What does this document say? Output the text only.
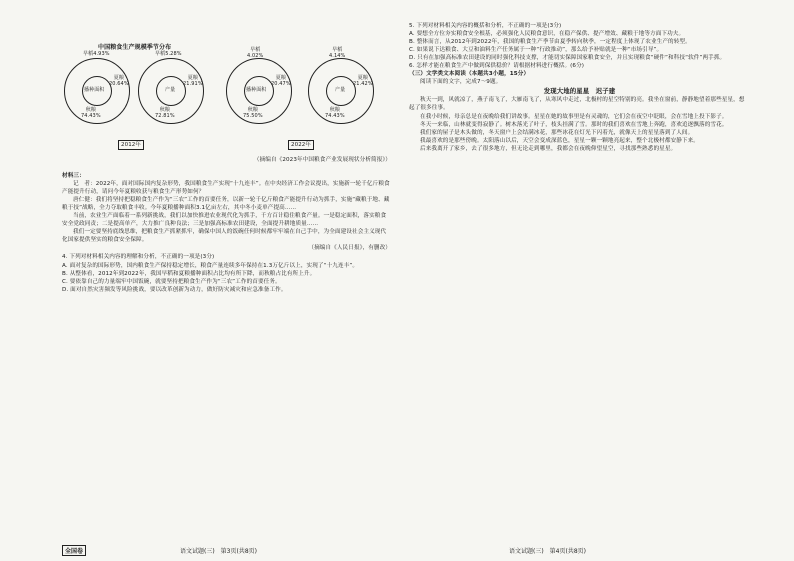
中国粮食生产规模季节分布
早稻4.93%
夏粮
20.64%
播种面积
秋粮
74.43%
早稻5.28%
夏粮
21.91%
产量
秋粮
72.81%
早稻
4.02%
夏粮
20.47%
播种面积
秋粮
75.50%
早稻
4.14%
夏粮
21.42%
产量
秋粮
74.43%
2012年	2022年
（摘编自《2023年中国粮食产业发展现状分析简报》）

材料三：

记　者：2022年，面对国际国内复杂形势，我国粮食生产实现“十九连丰”。在中央经济工作会议提出，实施新一轮千亿斤粮食产能提升行动，请问今年夏粮收获与粮食生产形势如何？

唐仁健：我们将坚持把稳粮食生产作为“三农”工作的首要任务，以新一轮千亿斤粮食产能提升行动为抓手，实施“藏粮于地、藏粮于技”战略，全力夺取粮食丰收。今年夏粮播种面积3.1亿亩左右，其中冬小麦单产提高……

当前，农业生产面临着一系列新挑战，我们以加快推进农业现代化为抓手，千方百计稳住粮食产量。一是稳定面积，落实粮食安全党政同责；二是提高单产，大力推广良种良法；三是加强高标准农田建设，全面提升耕地质量……

我们一定要坚持底线思维，把粮食生产抓紧抓牢，确保中国人的饭碗任何时候都牢牢端在自己手中，为全面建设社会主义现代化国家提供坚实的粮食安全保障。

（摘编自《人民日报》，有删改）

4. 下列对材料相关内容的理解和分析，不正确的一项是(3分)

A. 面对复杂的国际形势，国内粮食生产保持稳定增长，粮食产量连续多年保持在1.3万亿斤以上，实现了“十九连丰”。

B. 从整体看，2012年到2022年，我国早稻和夏粮播种面积占比均有所下降，而秋粮占比有所上升。

C. 要依靠自己的力量端牢中国饭碗，就要坚持把粮食生产作为“三农”工作的首要任务。

D. 面对自然灾害频发等风险挑战，要以改革创新为动力，做好防灾减灾和应急准备工作。

全国卷	语文试题(三)　第3页(共8页)

5. 下列对材料相关内容的概括和分析，不正确的一项是(3分)

A. 要想全方位夯实粮食安全根基，必须强化人民粮食意识，在稳产保供、提产增效、藏粮于地等方面下功夫。

B. 整体而言，从2012年到2022年，我国的粮食生产季节由夏季转向秋季，一定程度上体现了农业生产的转型。

C. 如果说下达粮食、大豆和油料生产任务属于一种“行政推动”，那么给予补贴就是一种“市场引导”。

D. 只有在加强高标准农田建设的同时强化科技支撑，才能切实保障国家粮食安全，并且实现粮食“硬件”和科技“软件”两手抓。

6. 怎样才能在粮食生产中做到保供稳价？请根据材料进行概括。(6分)

（三）文学类文本阅读（本题共3小题，15分）

阅读下面的文字，完成7～9题。

发现大地的星星　迟子建

秋天一到，风就凉了，燕子南飞了，大雁南飞了，从寒风中走过，北极村的星空特别的亮。我坐在窗前，静静地望着那些星星，想起了很多往事。

在我小时候，母亲总是在夜晚给我们讲故事。星星在她的故事里是有灵魂的，它们会在夜空中眨眼，会在雪地上投下影子。

冬天一来临，山林就变得寂静了。树木落光了叶子，枝头挂满了雪。那时的我们喜欢在雪地上奔跑，喜欢追逐飘落的雪花。

我们家的屋子是木头做的，冬天窗户上会结满冰花，那些冰花在灯光下闪着光，就像天上的星星落到了人间。

我最喜欢的是那些傍晚。太阳落山以后，天空会变成深蓝色，星星一颗一颗地亮起来，整个北极村都安静下来。

后来我离开了家乡，去了很多地方，但无论走到哪里，我都会在夜晚仰望星空，寻找那些熟悉的星星。

语文试题(三)　第4页(共8页)
